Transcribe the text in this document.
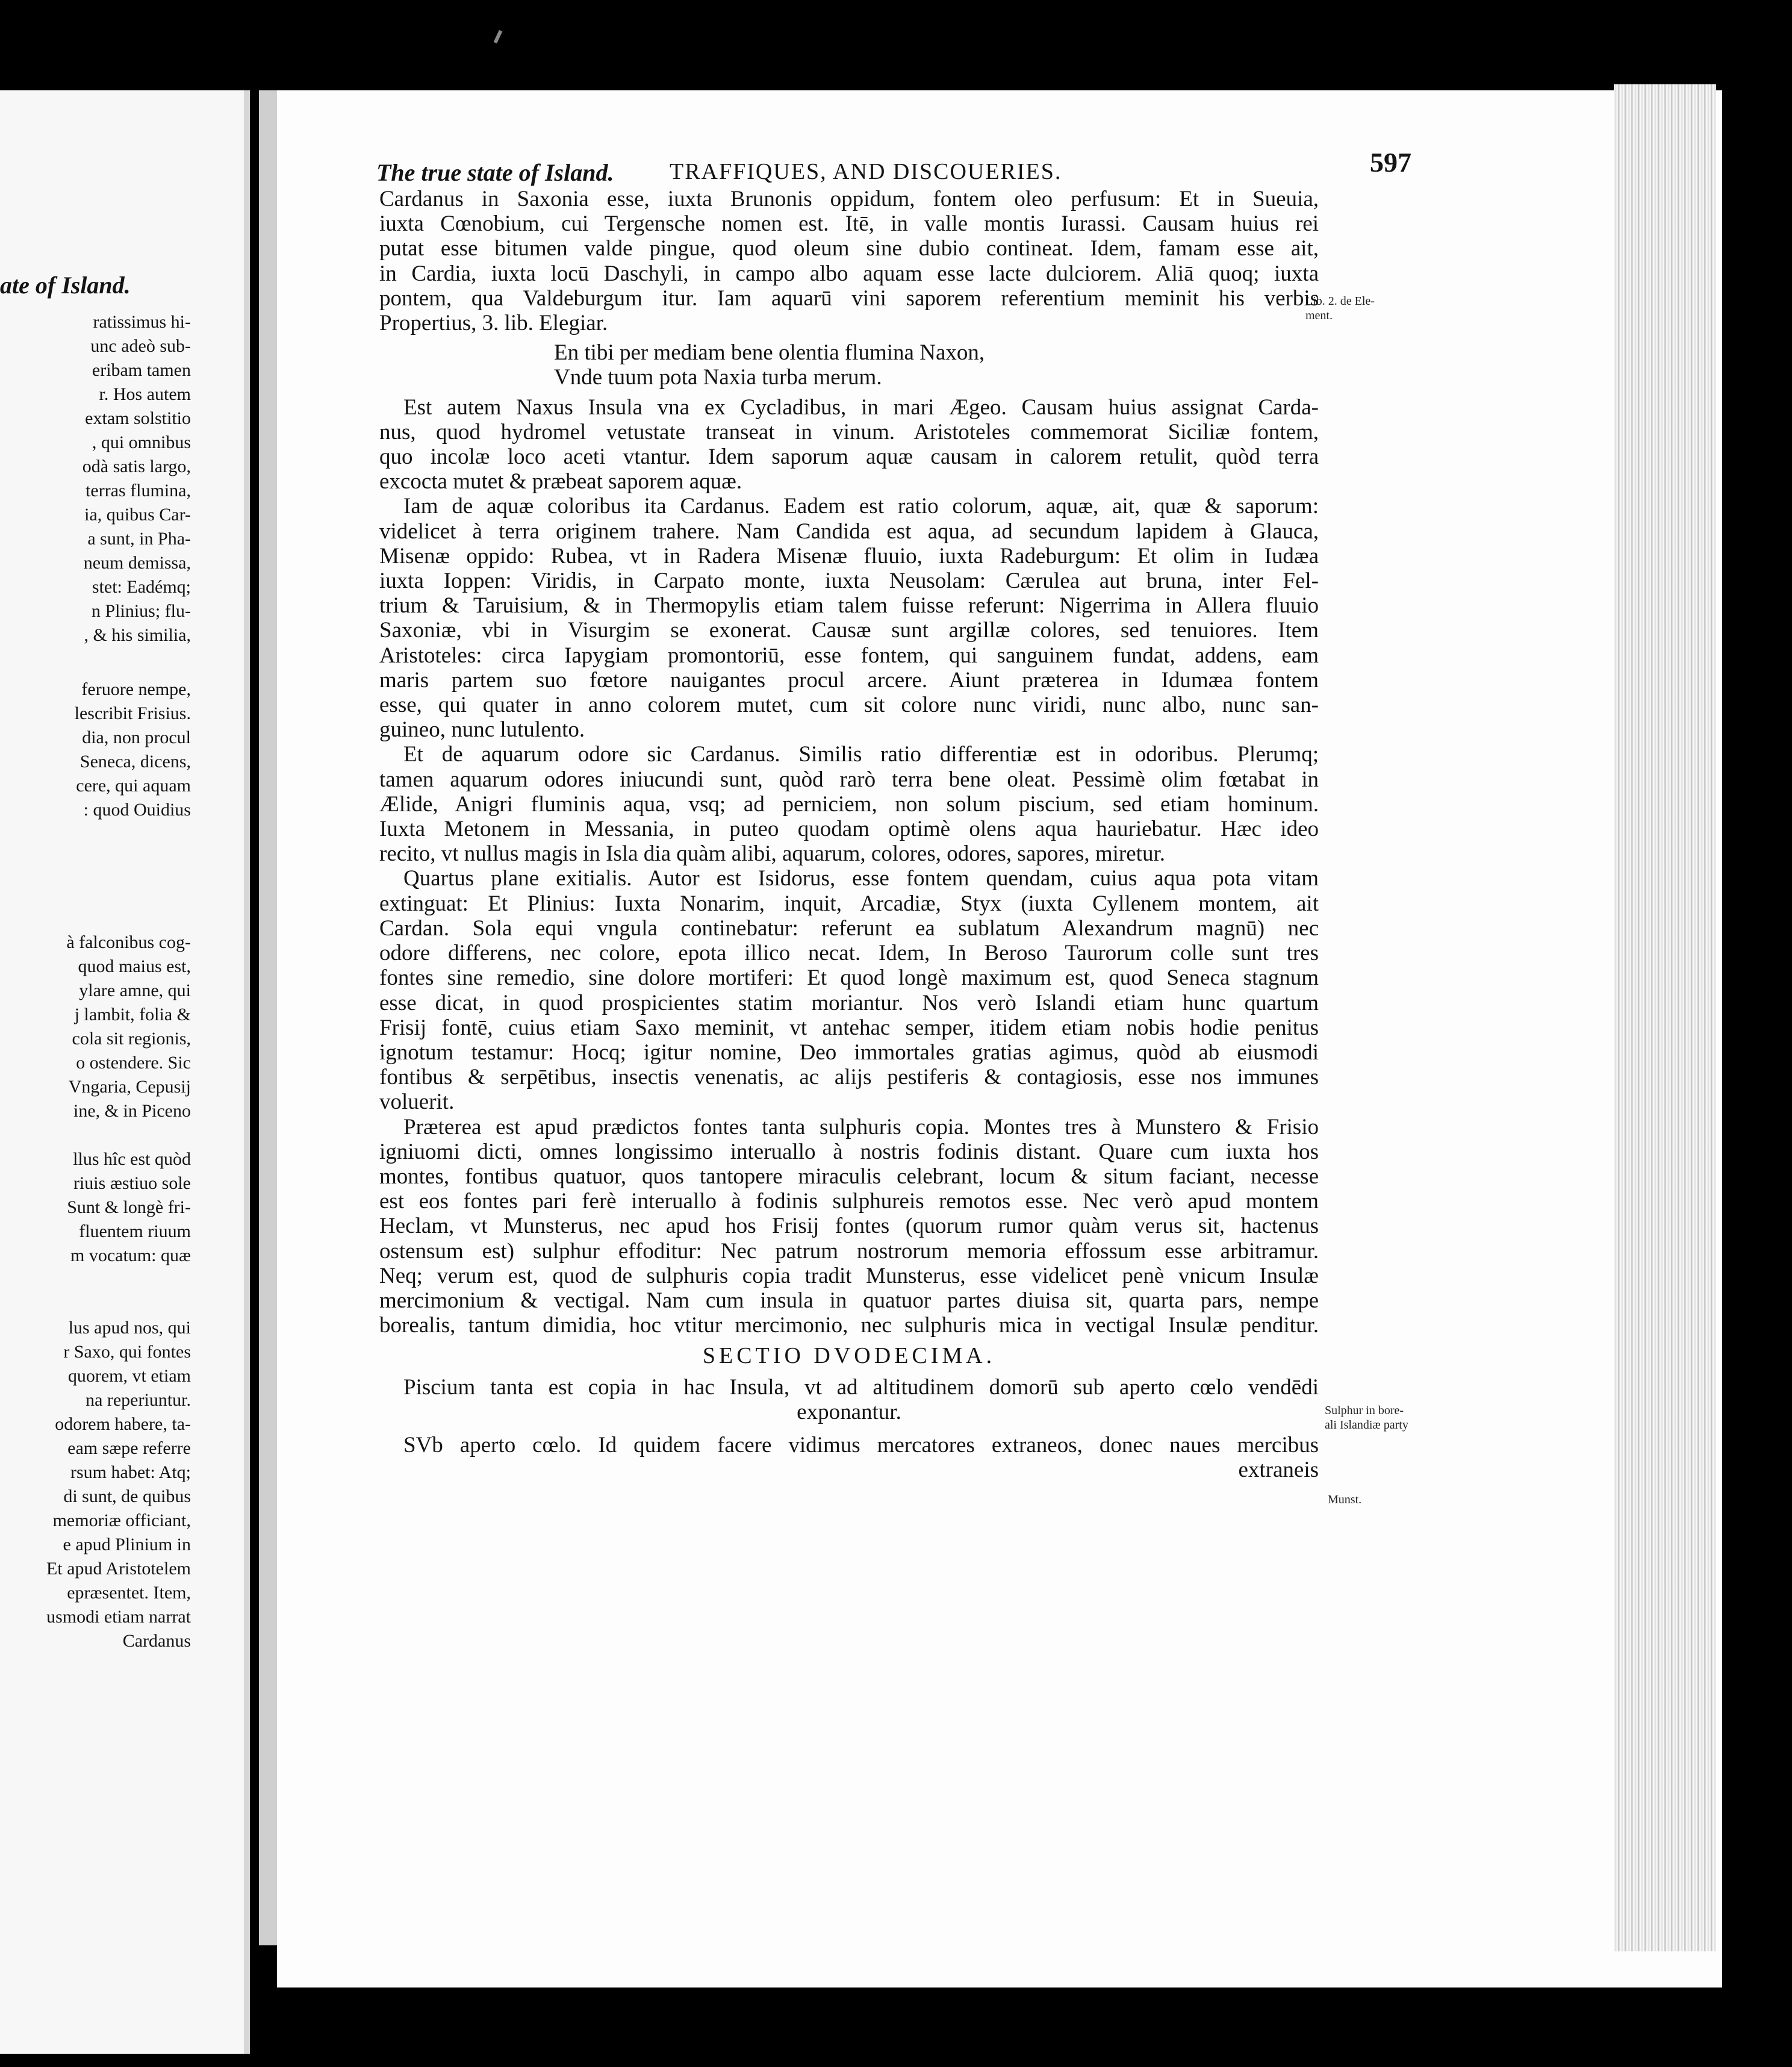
ate of Island.
ratissimus hi-
unc adeò sub-
eribam tamen
r. Hos autem
extam solstitio
, qui omnibus
odà satis largo,
terras flumina,
ia, quibus Car-
a sunt, in Pha-
neum demissa,
stet: Eadémq;
n Plinius; flu-
, & his similia,
feruore nempe,
lescribit Frisius.
dia, non procul
Seneca, dicens,
cere, qui aquam
: quod Ouidius
à falconibus cog-
quod maius est,
ylare amne, qui
j lambit, folia &
cola sit regionis,
o ostendere. Sic
Vngaria, Cepusij
ine, & in Piceno
llus hîc est quòd
riuis æstiuo sole
Sunt & longè fri-
fluentem riuum
m vocatum: quæ
lus apud nos, qui
r Saxo, qui fontes
quorem, vt etiam
na reperiuntur.
odorem habere, ta-
eam sæpe referre
rsum habet: Atq;
di sunt, de quibus
memoriæ officiant,
e apud Plinium in
Et apud Aristotelem
epræsentet. Item,
usmodi etiam narrat
Cardanus
The true state of Island. TRAFFIQUES, AND DISCOUERIES.	597
Lib. 2. de Ele-
ment.
Sulphur in bore-
ali Islandiæ party
Munst.
Cardanus in Saxonia esse, iuxta Brunonis oppidum, fontem oleo perfusum: Et in Sueuia,
iuxta Cœnobium, cui Tergensche nomen est. Itē, in valle montis Iurassi. Causam huius rei
putat esse bitumen valde pingue, quod oleum sine dubio contineat. Idem, famam esse ait,
in Cardia, iuxta locū Daschyli, in campo albo aquam esse lacte dulciorem. Aliā quoq; iuxta
pontem, qua Valdeburgum itur. Iam aquarū vini saporem referentium meminit his verbis
Propertius, 3. lib. Elegiar.
En tibi per mediam bene olentia flumina Naxon,
Vnde tuum pota Naxia turba merum.
Est autem Naxus Insula vna ex Cycladibus, in mari Ægeo. Causam huius assignat Carda-
nus, quod hydromel vetustate transeat in vinum. Aristoteles commemorat Siciliæ fontem,
quo incolæ loco aceti vtantur. Idem saporum aquæ causam in calorem retulit, quòd terra
excocta mutet & præbeat saporem aquæ.
Iam de aquæ coloribus ita Cardanus. Eadem est ratio colorum, aquæ, ait, quæ & saporum:
videlicet à terra originem trahere. Nam Candida est aqua, ad secundum lapidem à Glauca,
Misenæ oppido: Rubea, vt in Radera Misenæ fluuio, iuxta Radeburgum: Et olim in Iudæa
iuxta Ioppen: Viridis, in Carpato monte, iuxta Neusolam: Cærulea aut bruna, inter Fel-
trium & Taruisium, & in Thermopylis etiam talem fuisse referunt: Nigerrima in Allera fluuio
Saxoniæ, vbi in Visurgim se exonerat. Causæ sunt argillæ colores, sed tenuiores. Item
Aristoteles: circa Iapygiam promontoriū, esse fontem, qui sanguinem fundat, addens, eam
maris partem suo fœtore nauigantes procul arcere. Aiunt præterea in Idumæa fontem
esse, qui quater in anno colorem mutet, cum sit colore nunc viridi, nunc albo, nunc san-
guineo, nunc lutulento.
Et de aquarum odore sic Cardanus. Similis ratio differentiæ est in odoribus. Plerumq;
tamen aquarum odores iniucundi sunt, quòd rarò terra bene oleat. Pessimè olim fœtabat in
Ælide, Anigri fluminis aqua, vsq; ad perniciem, non solum piscium, sed etiam hominum.
Iuxta Metonem in Messania, in puteo quodam optimè olens aqua hauriebatur. Hæc ideo
recito, vt nullus magis in Isla dia quàm alibi, aquarum, colores, odores, sapores, miretur.
Quartus plane exitialis. Autor est Isidorus, esse fontem quendam, cuius aqua pota vitam
extinguat: Et Plinius: Iuxta Nonarim, inquit, Arcadiæ, Styx (iuxta Cyllenem montem, ait
Cardan. Sola equi vngula continebatur: referunt ea sublatum Alexandrum magnū) nec
odore differens, nec colore, epota illico necat. Idem, In Beroso Taurorum colle sunt tres
fontes sine remedio, sine dolore mortiferi: Et quod longè maximum est, quod Seneca stagnum
esse dicat, in quod prospicientes statim moriantur. Nos verò Islandi etiam hunc quartum
Frisij fontē, cuius etiam Saxo meminit, vt antehac semper, itidem etiam nobis hodie penitus
ignotum testamur: Hocq; igitur nomine, Deo immortales gratias agimus, quòd ab eiusmodi
fontibus & serpētibus, insectis venenatis, ac alijs pestiferis & contagiosis, esse nos immunes
voluerit.
Præterea est apud prædictos fontes tanta sulphuris copia. Montes tres à Munstero & Frisio
igniuomi dicti, omnes longissimo interuallo à nostris fodinis distant. Quare cum iuxta hos
montes, fontibus quatuor, quos tantopere miraculis celebrant, locum & situm faciant, necesse
est eos fontes pari ferè interuallo à fodinis sulphureis remotos esse. Nec verò apud montem
Heclam, vt Munsterus, nec apud hos Frisij fontes (quorum rumor quàm verus sit, hactenus
ostensum est) sulphur effoditur: Nec patrum nostrorum memoria effossum esse arbitramur.
Neq; verum est, quod de sulphuris copia tradit Munsterus, esse videlicet penè vnicum Insulæ
mercimonium & vectigal. Nam cum insula in quatuor partes diuisa sit, quarta pars, nempe
borealis, tantum dimidia, hoc vtitur mercimonio, nec sulphuris mica in vectigal Insulæ penditur.
SECTIO DVODECIMA.
Piscium tanta est copia in hac Insula, vt ad altitudinem domorū sub aperto cœlo vendēdi
exponantur.
SVb aperto cœlo. Id quidem facere vidimus mercatores extraneos, donec naues mercibus
extraneis
